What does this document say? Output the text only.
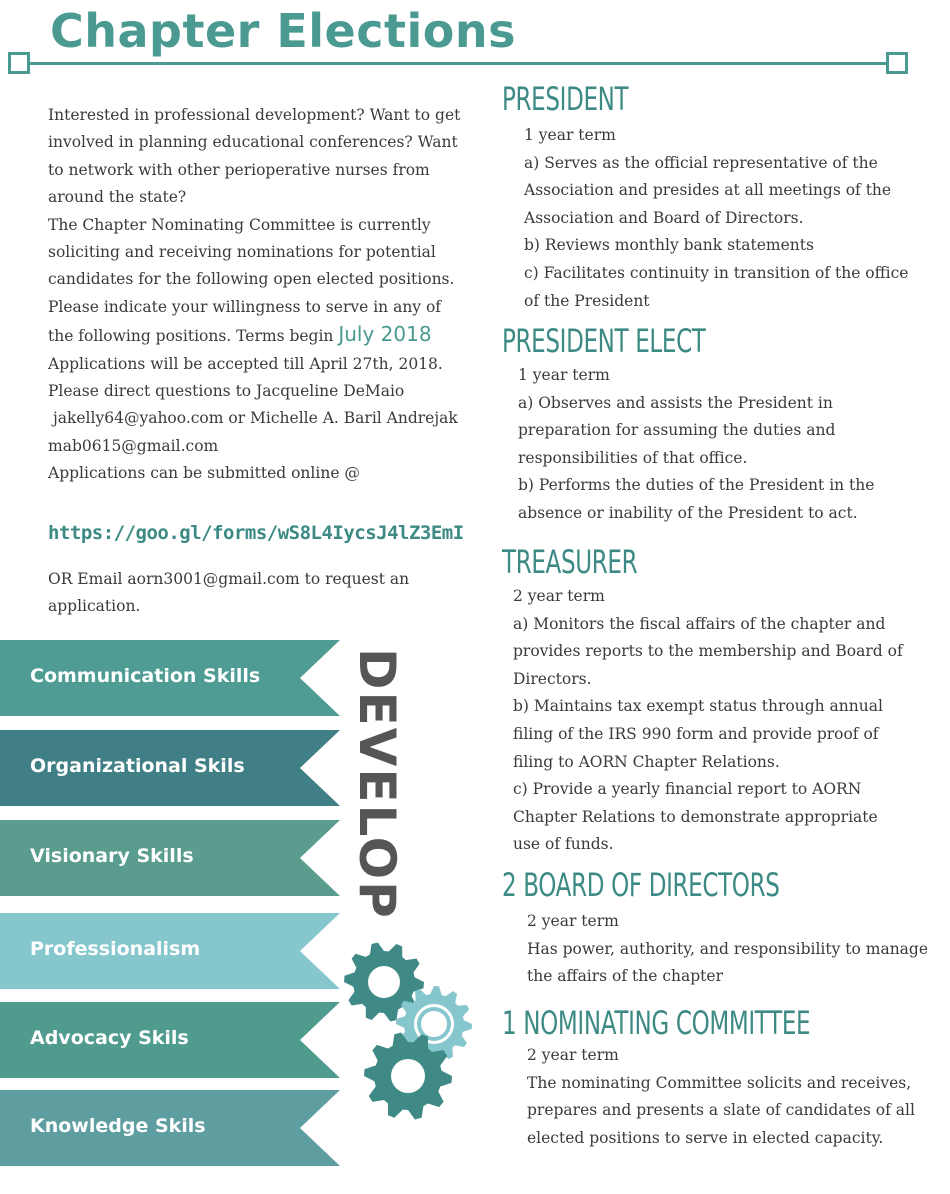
Chapter Elections

Interested in professional development? Want to get involved in planning educational conferences? Want to network with other perioperative nurses from around the state?

The Chapter Nominating Committee is currently soliciting and receiving nominations for potential candidates for the following open elected positions.

Please indicate your willingness to serve in any of the following positions. Terms begin July 2018

Applications will be accepted till April 27th, 2018.

Please direct questions to Jacqueline DeMaio

jakelly64@yahoo.com or Michelle A. Baril Andrejak mab0615@gmail.com

Applications can be submitted online @

https://goo.gl/forms/wS8L4IycsJ4lZ3EmI

OR Email aorn3001@gmail.com to request an application.

PRESIDENT

1 year term

a) Serves as the official representative of the Association and presides at all meetings of the Association and Board of Directors.

b) Reviews monthly bank statements

c) Facilitates continuity in transition of the office of the President

PRESIDENT ELECT

1 year term

a) Observes and assists the President in preparation for assuming the duties and responsibilities of that office.

b) Performs the duties of the President in the absence or inability of the President to act.

TREASURER

2 year term

a) Monitors the fiscal affairs of the chapter and provides reports to the membership and Board of Directors.

b) Maintains tax exempt status through annual filing of the IRS 990 form and provide proof of filing to AORN Chapter Relations.

c) Provide a yearly financial report to AORN Chapter Relations to demonstrate appropriate use of funds.

2 BOARD OF DIRECTORS

2 year term

Has power, authority, and responsibility to manage the affairs of the chapter

1 NOMINATING COMMITTEE

2 year term

The nominating Committee solicits and receives, prepares and presents a slate of candidates of all elected positions to serve in elected capacity.

Communication Skills
Organizational Skils
Visionary Skills
Professionalism
Advocacy Skils
Knowledge Skils
DEVELOP
